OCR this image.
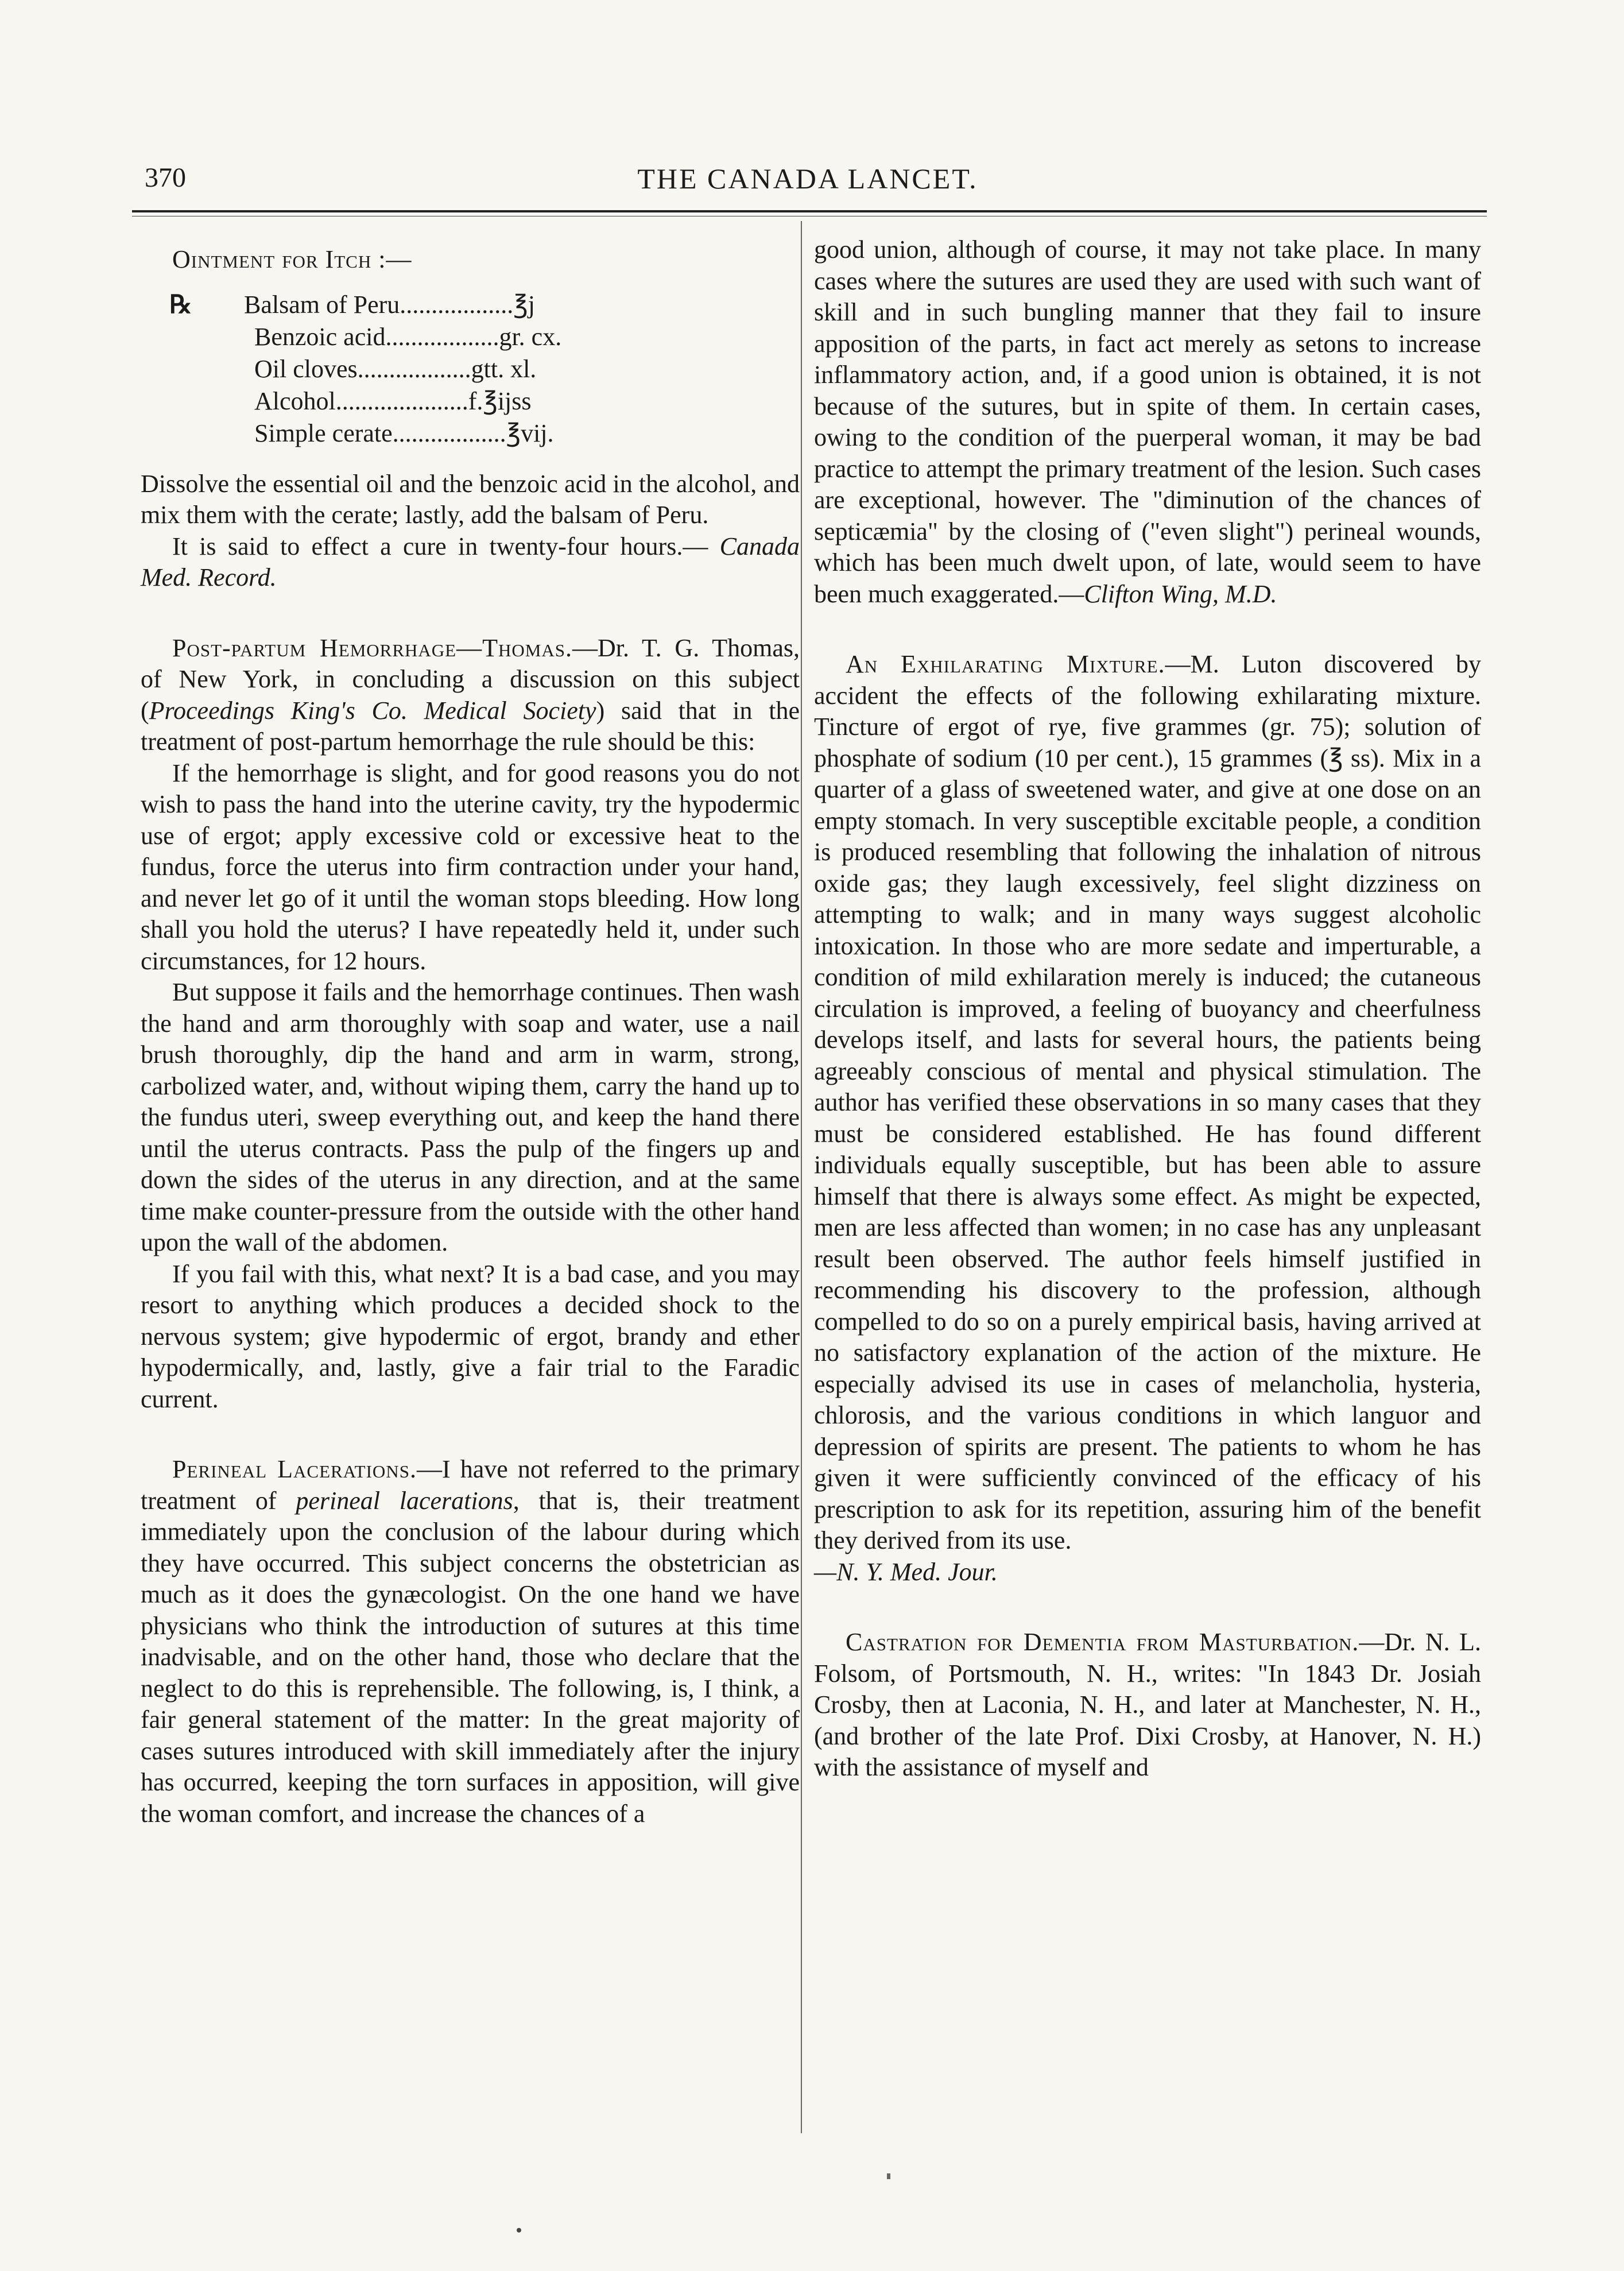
370	THE CANADA LANCET.

Ointment for Itch :—

℞ Balsam of Peru..................℥j
Benzoic acid..................gr. cx.
Oil cloves..................gtt. xl.
Alcohol.....................f.℥ijss
Simple cerate..................℥vij.

Dissolve the essential oil and the benzoic acid in the alcohol, and mix them with the cerate; lastly, add the balsam of Peru.

It is said to effect a cure in twenty-four hours.— Canada Med. Record.

Post-partum Hemorrhage—Thomas.—Dr. T. G. Thomas, of New York, in concluding a discussion on this subject (Proceedings King's Co. Medical Society) said that in the treatment of post-partum hemorrhage the rule should be this:

If the hemorrhage is slight, and for good reasons you do not wish to pass the hand into the uterine cavity, try the hypodermic use of ergot; apply excessive cold or excessive heat to the fundus, force the uterus into firm contraction under your hand, and never let go of it until the woman stops bleeding. How long shall you hold the uterus? I have repeatedly held it, under such circumstances, for 12 hours.

But suppose it fails and the hemorrhage continues. Then wash the hand and arm thoroughly with soap and water, use a nail brush thoroughly, dip the hand and arm in warm, strong, carbolized water, and, without wiping them, carry the hand up to the fundus uteri, sweep everything out, and keep the hand there until the uterus contracts. Pass the pulp of the fingers up and down the sides of the uterus in any direction, and at the same time make counter-pressure from the outside with the other hand upon the wall of the abdomen.

If you fail with this, what next? It is a bad case, and you may resort to anything which produces a decided shock to the nervous system; give hypodermic of ergot, brandy and ether hypodermically, and, lastly, give a fair trial to the Faradic current.

Perineal Lacerations.—I have not referred to the primary treatment of perineal lacerations, that is, their treatment immediately upon the conclusion of the labour during which they have occurred. This subject concerns the obstetrician as much as it does the gynæcologist. On the one hand we have physicians who think the introduction of sutures at this time inadvisable, and on the other hand, those who declare that the neglect to do this is reprehensible. The following, is, I think, a fair general statement of the matter: In the great majority of cases sutures introduced with skill immediately after the injury has occurred, keeping the torn surfaces in apposition, will give the woman comfort, and increase the chances of a

good union, although of course, it may not take place. In many cases where the sutures are used they are used with such want of skill and in such bungling manner that they fail to insure apposition of the parts, in fact act merely as setons to increase inflammatory action, and, if a good union is obtained, it is not because of the sutures, but in spite of them. In certain cases, owing to the condition of the puerperal woman, it may be bad practice to attempt the primary treatment of the lesion. Such cases are exceptional, however. The "diminution of the chances of septicæmia" by the closing of ("even slight") perineal wounds, which has been much dwelt upon, of late, would seem to have been much exaggerated.—Clifton Wing, M.D.

An Exhilarating Mixture.—M. Luton discovered by accident the effects of the following exhilarating mixture. Tincture of ergot of rye, five grammes (gr. 75); solution of phosphate of sodium (10 per cent.), 15 grammes (℥ ss). Mix in a quarter of a glass of sweetened water, and give at one dose on an empty stomach. In very susceptible excitable people, a condition is produced resembling that following the inhalation of nitrous oxide gas; they laugh excessively, feel slight dizziness on attempting to walk; and in many ways suggest alcoholic intoxication. In those who are more sedate and imperturable, a condition of mild exhilaration merely is induced; the cutaneous circulation is improved, a feeling of buoyancy and cheerfulness develops itself, and lasts for several hours, the patients being agreeably conscious of mental and physical stimulation. The author has verified these observations in so many cases that they must be considered established. He has found different individuals equally susceptible, but has been able to assure himself that there is always some effect. As might be expected, men are less affected than women; in no case has any unpleasant result been observed. The author feels himself justified in recommending his discovery to the profession, although compelled to do so on a purely empirical basis, having arrived at no satisfactory explanation of the action of the mixture. He especially advised its use in cases of melancholia, hysteria, chlorosis, and the various conditions in which languor and depression of spirits are present. The patients to whom he has given it were sufficiently convinced of the efficacy of his prescription to ask for its repetition, assuring him of the benefit they derived from its use.

—N. Y. Med. Jour.

Castration for Dementia from Masturbation.—Dr. N. L. Folsom, of Portsmouth, N. H., writes: "In 1843 Dr. Josiah Crosby, then at Laconia, N. H., and later at Manchester, N. H., (and brother of the late Prof. Dixi Crosby, at Hanover, N. H.) with the assistance of myself and
